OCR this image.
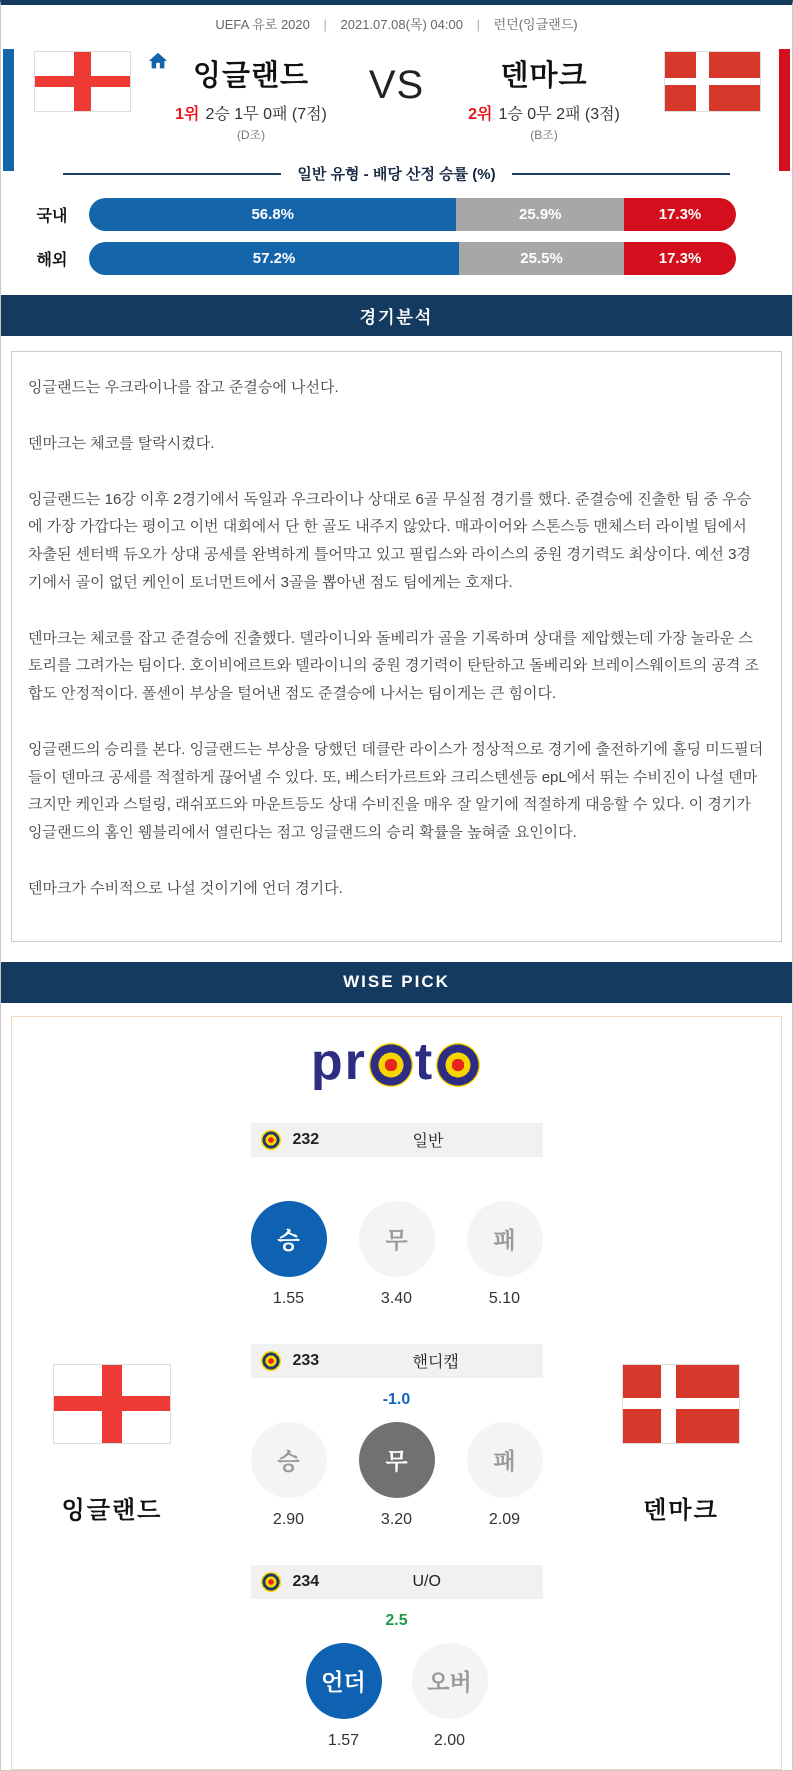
UEFA 유로 2020 | 2021.07.08(목) 04:00 | 런던(잉글랜드)
잉글랜드
1위 2승 1무 0패 (7점)
(D조)
VS	덴마크
2위 1승 0무 2패 (3점)
(B조)
일반 유형 - 배당 산정 승률 (%)
국내	56.8%	25.9%	17.3%
해외	57.2%	25.5%	17.3%
경기분석

잉글랜드는 우크라이나를 잡고 준결승에 나선다.

덴마크는 체코를 탈락시켰다.

잉글랜드는 16강 이후 2경기에서 독일과 우크라이나 상대로 6골 무실점 경기를 했다. 준결승에 진출한 팀 중 우승에 가장 가깝다는 평이고 이번 대회에서 단 한 골도 내주지 않았다. 매과이어와 스톤스등 맨체스터 라이벌 팀에서 차출된 센터백 듀오가 상대 공세를 완벽하게 틀어막고 있고 필립스와 라이스의 중원 경기력도 최상이다. 예선 3경기에서 골이 없던 케인이 토너먼트에서 3골을 뽑아낸 점도 팀에게는 호재다.

덴마크는 체코를 잡고 준결승에 진출했다. 델라이니와 돌베리가 골을 기록하며 상대를 제압했는데 가장 놀라운 스토리를 그려가는 팀이다. 호이비에르트와 델라이니의 중원 경기력이 탄탄하고 돌베리와 브레이스웨이트의 공격 조합도 안정적이다. 폴센이 부상을 털어낸 점도 준결승에 나서는 팀이게는 큰 힘이다.

잉글랜드의 승리를 본다. 잉글랜드는 부상을 당했던 데클란 라이스가 정상적으로 경기에 출전하기에 홀딩 미드필더들이 덴마크 공세를 적절하게 끊어낼 수 있다. 또, 베스터가르트와 크리스텐센등 epL에서 뛰는 수비진이 나설 덴마크지만 케인과 스털링, 래쉬포드와 마운트등도 상대 수비진을 매우 잘 알기에 적절하게 대응할 수 있다. 이 경기가 잉글랜드의 홈인 웸블리에서 열린다는 점고 잉글랜드의 승리 확률을 높혀줄 요인이다.

덴마크가 수비적으로 나설 것이기에 언더 경기다.

WISE PICK
pr t
232	일반
승
1.55
무
3.40
패
5.10
233	핸디캡
-1.0
승
2.90
무
3.20
패
2.09
234	U/O
2.5
언더
1.57
오버
2.00
잉글랜드	덴마크
